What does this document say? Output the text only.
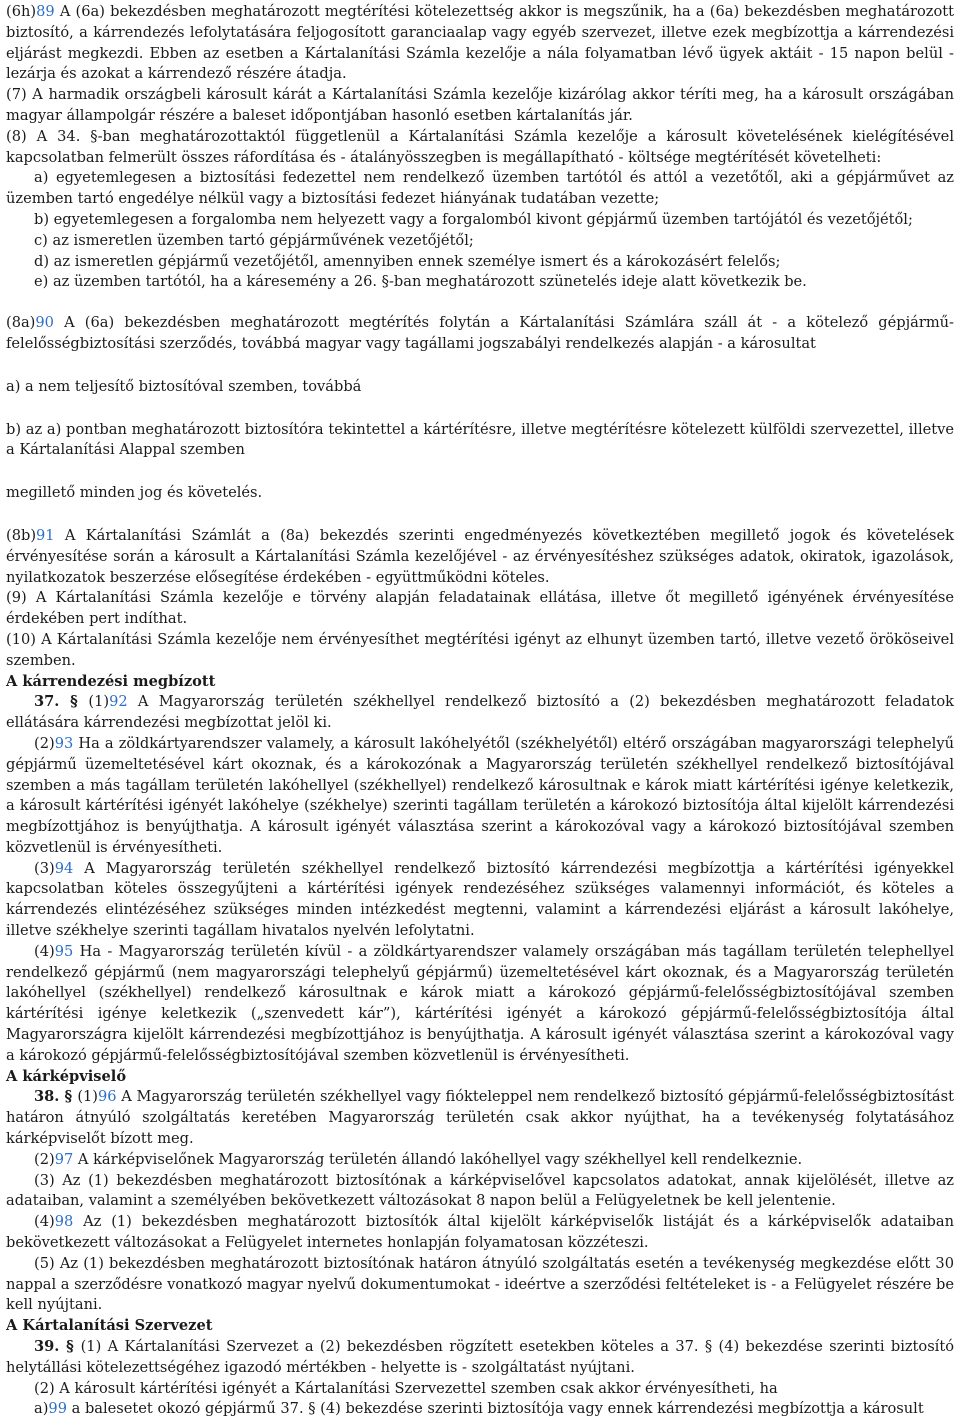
(6h)89 A (6a) bekezdésben meghatározott megtérítési kötelezettség akkor is megszűnik, ha a (6a) bekezdésben meghatározott biztosító, a kárrendezés lefolytatására feljogosított garanciaalap vagy egyéb szervezet, illetve ezek megbízottja a kárrendezési eljárást megkezdi. Ebben az esetben a Kártalanítási Számla kezelője a nála folyamatban lévő ügyek aktáit - 15 napon belül - lezárja és azokat a kárrendező részére átadja.

(7) A harmadik országbeli károsult kárát a Kártalanítási Számla kezelője kizárólag akkor téríti meg, ha a károsult országában magyar állampolgár részére a baleset időpontjában hasonló esetben kártalanítás jár.

(8) A 34. §-ban meghatározottaktól függetlenül a Kártalanítási Számla kezelője a károsult követelésének kielégítésével kapcsolatban felmerült összes ráfordítása és - átalányösszegben is megállapítható - költsége megtérítését követelheti:

a) egyetemlegesen a biztosítási fedezettel nem rendelkező üzemben tartótól és attól a vezetőtől, aki a gépjárművet az üzemben tartó engedélye nélkül vagy a biztosítási fedezet hiányának tudatában vezette;

b) egyetemlegesen a forgalomba nem helyezett vagy a forgalomból kivont gépjármű üzemben tartójától és vezetőjétől;

c) az ismeretlen üzemben tartó gépjárművének vezetőjétől;

d) az ismeretlen gépjármű vezetőjétől, amennyiben ennek személye ismert és a károkozásért felelős;

e) az üzemben tartótól, ha a káresemény a 26. §-ban meghatározott szünetelés ideje alatt következik be.

(8a)90 A (6a) bekezdésben meghatározott megtérítés folytán a Kártalanítási Számlára száll át - a kötelező gépjármű-felelősségbiztosítási szerződés, továbbá magyar vagy tagállami jogszabályi rendelkezés alapján - a károsultat

a) a nem teljesítő biztosítóval szemben, továbbá

b) az a) pontban meghatározott biztosítóra tekintettel a kártérítésre, illetve megtérítésre kötelezett külföldi szervezettel, illetve a Kártalanítási Alappal szemben

megillető minden jog és követelés.

(8b)91 A Kártalanítási Számlát a (8a) bekezdés szerinti engedményezés következtében megillető jogok és követelések érvényesítése során a károsult a Kártalanítási Számla kezelőjével - az érvényesítéshez szükséges adatok, okiratok, igazolások, nyilatkozatok beszerzése elősegítése érdekében - együttműködni köteles.

(9) A Kártalanítási Számla kezelője e törvény alapján feladatainak ellátása, illetve őt megillető igényének érvényesítése érdekében pert indíthat.

(10) A Kártalanítási Számla kezelője nem érvényesíthet megtérítési igényt az elhunyt üzemben tartó, illetve vezető örököseivel szemben.

A kárrendezési megbízott

37. § (1)92 A Magyarország területén székhellyel rendelkező biztosító a (2) bekezdésben meghatározott feladatok ellátására kárrendezési megbízottat jelöl ki.

(2)93 Ha a zöldkártyarendszer valamely, a károsult lakóhelyétől (székhelyétől) eltérő országában magyarországi telephelyű gépjármű üzemeltetésével kárt okoznak, és a károkozónak a Magyarország területén székhellyel rendelkező biztosítójával szemben a más tagállam területén lakóhellyel (székhellyel) rendelkező károsultnak e károk miatt kártérítési igénye keletkezik, a károsult kártérítési igényét lakóhelye (székhelye) szerinti tagállam területén a károkozó biztosítója által kijelölt kárrendezési megbízottjához is benyújthatja. A károsult igényét választása szerint a károkozóval vagy a károkozó biztosítójával szemben közvetlenül is érvényesítheti.

(3)94 A Magyarország területén székhellyel rendelkező biztosító kárrendezési megbízottja a kártérítési igényekkel kapcsolatban köteles összegyűjteni a kártérítési igények rendezéséhez szükséges valamennyi információt, és köteles a kárrendezés elintézéséhez szükséges minden intézkedést megtenni, valamint a kárrendezési eljárást a károsult lakóhelye, illetve székhelye szerinti tagállam hivatalos nyelvén lefolytatni.

(4)95 Ha - Magyarország területén kívül - a zöldkártyarendszer valamely országában más tagállam területén telephellyel rendelkező gépjármű (nem magyarországi telephelyű gépjármű) üzemeltetésével kárt okoznak, és a Magyarország területén lakóhellyel (székhellyel) rendelkező károsultnak e károk miatt a károkozó gépjármű-felelősségbiztosítójával szemben kártérítési igénye keletkezik („szenvedett kár”), kártérítési igényét a károkozó gépjármű-felelősségbiztosítója által Magyarországra kijelölt kárrendezési megbízottjához is benyújthatja. A károsult igényét választása szerint a károkozóval vagy a károkozó gépjármű-felelősségbiztosítójával szemben közvetlenül is érvényesítheti.

A kárképviselő

38. § (1)96 A Magyarország területén székhellyel vagy fiókteleppel nem rendelkező biztosító gépjármű-felelősségbiztosítást határon átnyúló szolgáltatás keretében Magyarország területén csak akkor nyújthat, ha a tevékenység folytatásához kárképviselőt bízott meg.

(2)97 A kárképviselőnek Magyarország területén állandó lakóhellyel vagy székhellyel kell rendelkeznie.

(3) Az (1) bekezdésben meghatározott biztosítónak a kárképviselővel kapcsolatos adatokat, annak kijelölését, illetve az adataiban, valamint a személyében bekövetkezett változásokat 8 napon belül a Felügyeletnek be kell jelentenie.

(4)98 Az (1) bekezdésben meghatározott biztosítók által kijelölt kárképviselők listáját és a kárképviselők adataiban bekövetkezett változásokat a Felügyelet internetes honlapján folyamatosan közzéteszi.

(5) Az (1) bekezdésben meghatározott biztosítónak határon átnyúló szolgáltatás esetén a tevékenység megkezdése előtt 30 nappal a szerződésre vonatkozó magyar nyelvű dokumentumokat - ideértve a szerződési feltételeket is - a Felügyelet részére be kell nyújtani.

A Kártalanítási Szervezet

39. § (1) A Kártalanítási Szervezet a (2) bekezdésben rögzített esetekben köteles a 37. § (4) bekezdése szerinti biztosító helytállási kötelezettségéhez igazodó mértékben - helyette is - szolgáltatást nyújtani.

(2) A károsult kártérítési igényét a Kártalanítási Szervezettel szemben csak akkor érvényesítheti, ha

a)99 a balesetet okozó gépjármű 37. § (4) bekezdése szerinti biztosítója vagy ennek kárrendezési megbízottja a károsult
